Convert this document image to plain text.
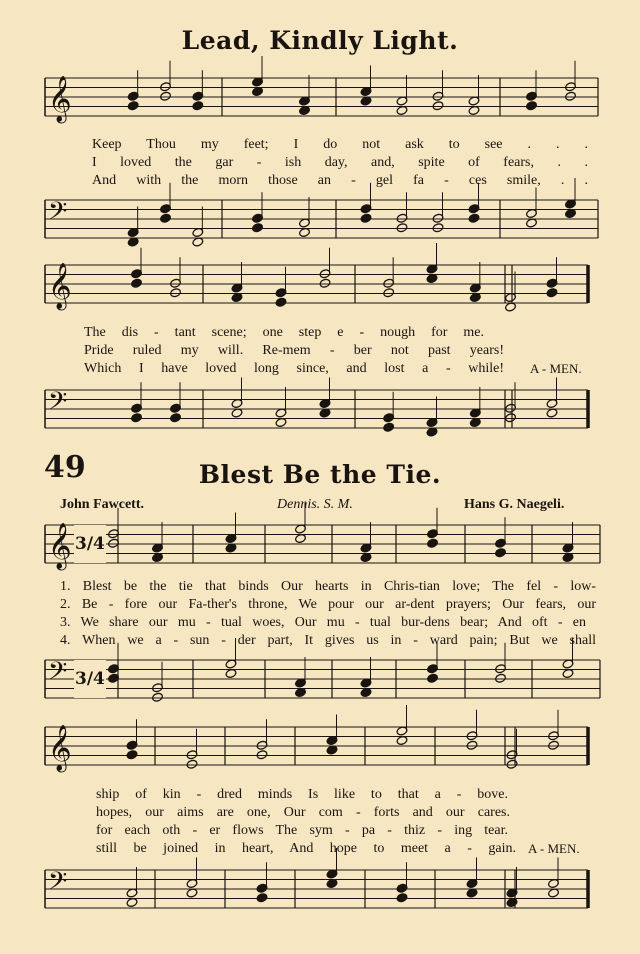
𝄞
𝄢
𝄞
𝄢
𝄞
𝄢
𝄞
𝄢
Lead, Kindly Light.
Keep Thou my feet; I do not ask to see . . .
I loved the gar - ish day, and, spite of fears, . .
And with the morn those an - gel fa - ces smile, . .
The dis - tant scene; one step e - nough for me.
Pride ruled my will. Re-mem - ber not past years!
Which I have loved long since, and lost a - while! A - MEN.
49	Blest Be the Tie.
John Fawcett.	Dennis. S. M.	Hans G. Naegeli.
3/4
3/4
1. Blest be the tie that binds Our hearts in Chris-tian love; The fel - low-
2. Be - fore our Fa-ther's throne, We pour our ar-dent prayers; Our fears, our
3. We share our mu - tual woes, Our mu - tual bur-dens bear; And oft - en
4. When we a - sun - der part, It gives us in - ward pain; But we shall
ship of kin - dred minds Is like to that a - bove.
hopes, our aims are one, Our com - forts and our cares.
for each oth - er flows The sym - pa - thiz - ing tear.
still be joined in heart, And hope to meet a - gain. A - MEN.
